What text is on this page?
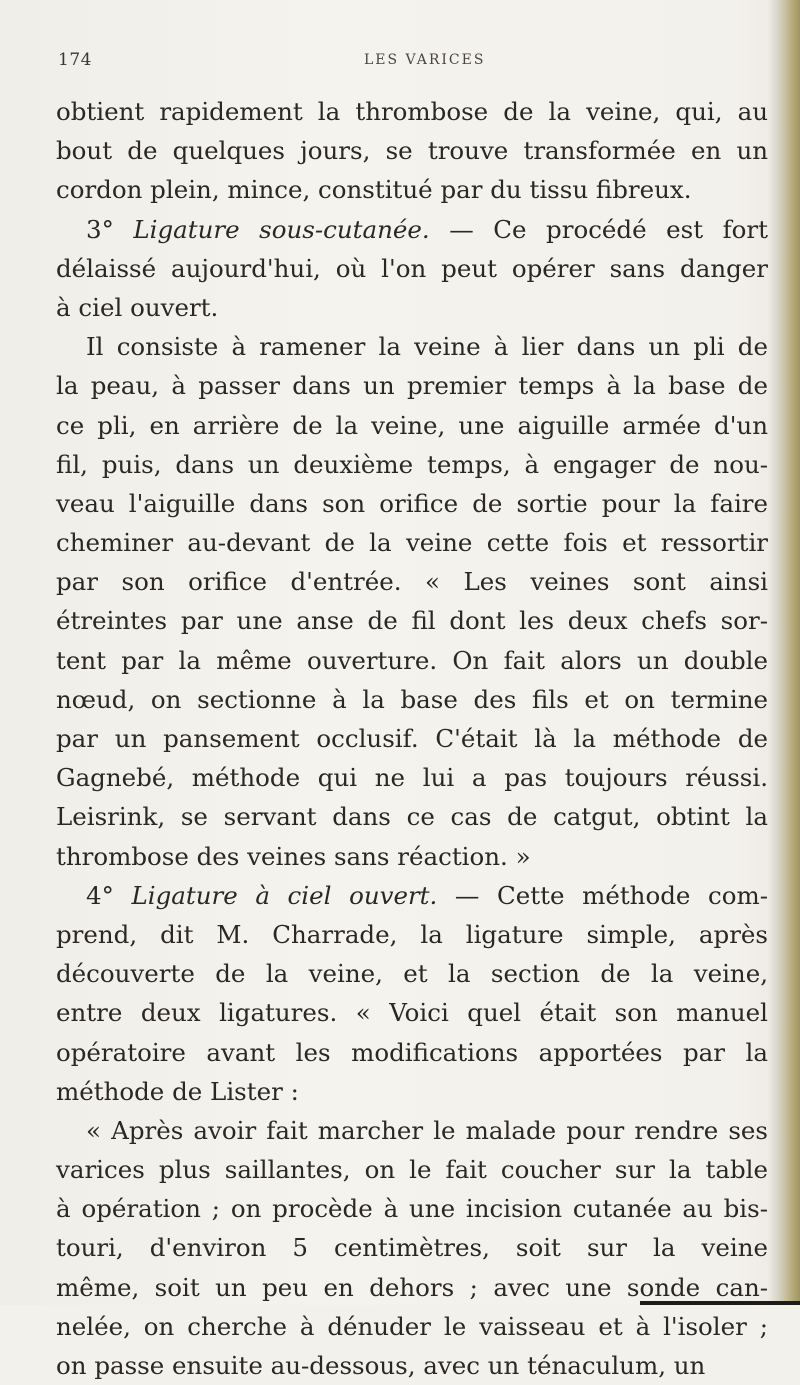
174	LES VARICES
obtient rapidement la thrombose de la veine, qui, au
bout de quelques jours, se trouve transformée en un
cordon plein, mince, constitué par du tissu fibreux.
3° Ligature sous-cutanée. — Ce procédé est fort
délaissé aujourd'hui, où l'on peut opérer sans danger
à ciel ouvert.
Il consiste à ramener la veine à lier dans un pli de
la peau, à passer dans un premier temps à la base de
ce pli, en arrière de la veine, une aiguille armée d'un
fil, puis, dans un deuxième temps, à engager de nou-
veau l'aiguille dans son orifice de sortie pour la faire
cheminer au-devant de la veine cette fois et ressortir
par son orifice d'entrée. « Les veines sont ainsi
étreintes par une anse de fil dont les deux chefs sor-
tent par la même ouverture. On fait alors un double
nœud, on sectionne à la base des fils et on termine
par un pansement occlusif. C'était là la méthode de
Gagnebé, méthode qui ne lui a pas toujours réussi.
Leisrink, se servant dans ce cas de catgut, obtint la
thrombose des veines sans réaction. »
4° Ligature à ciel ouvert. — Cette méthode com-
prend, dit M. Charrade, la ligature simple, après
découverte de la veine, et la section de la veine,
entre deux ligatures. « Voici quel était son manuel
opératoire avant les modifications apportées par la
méthode de Lister :
« Après avoir fait marcher le malade pour rendre ses
varices plus saillantes, on le fait coucher sur la table
à opération ; on procède à une incision cutanée au bis-
touri, d'environ 5 centimètres, soit sur la veine
même, soit un peu en dehors ; avec une sonde can-
nelée, on cherche à dénuder le vaisseau et à l'isoler ;
on passe ensuite au-dessous, avec un ténaculum, un
